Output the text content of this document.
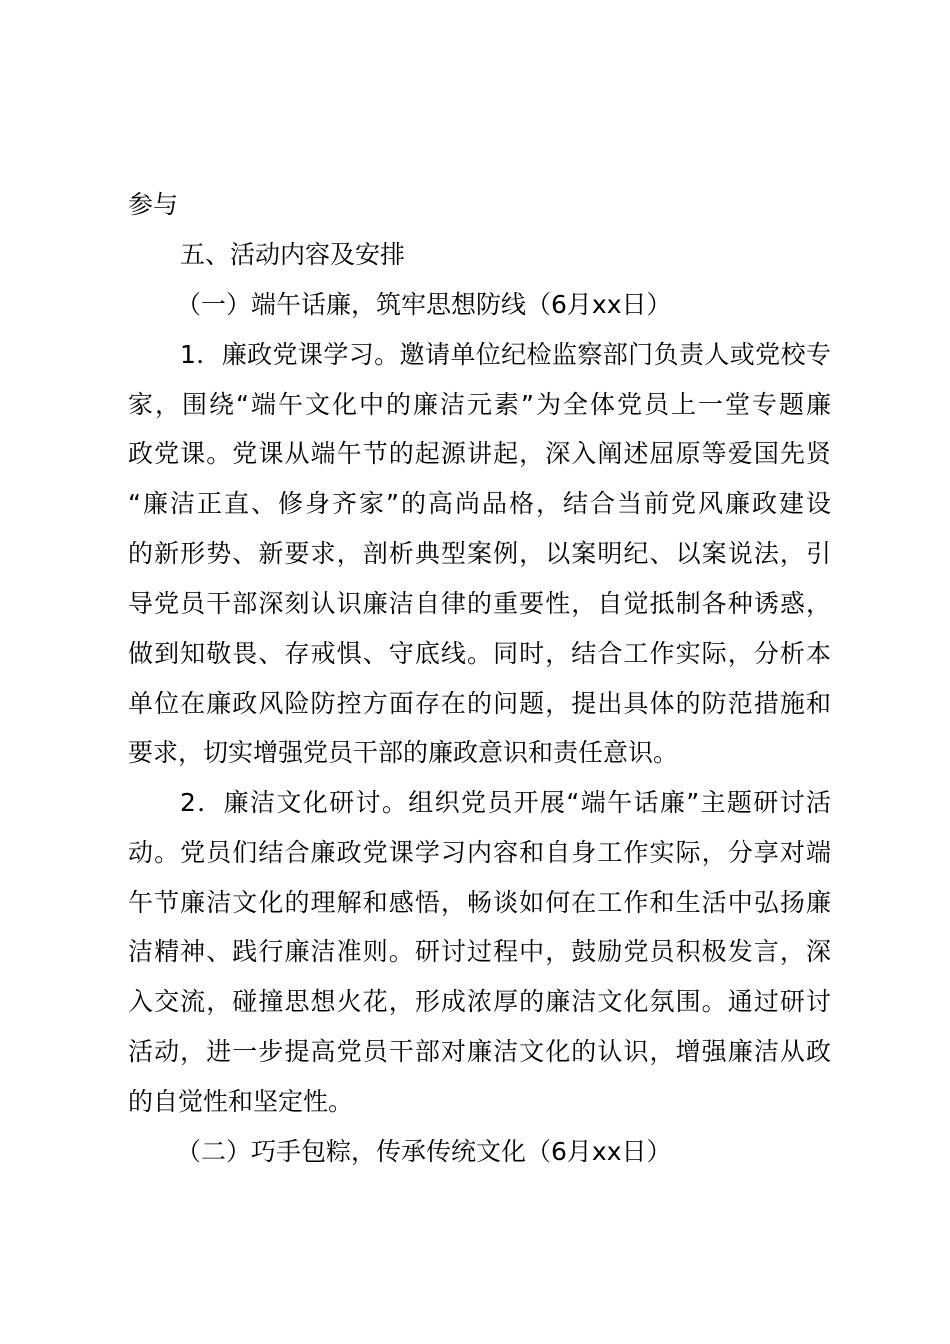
参与
五、活动内容及安排
（一）端午话廉，筑牢思想防线（6月xx日）
1．廉政党课学习。邀请单位纪检监察部门负责人或党校专
家，围绕“端午文化中的廉洁元素”为全体党员上一堂专题廉
政党课。党课从端午节的起源讲起，深入阐述屈原等爱国先贤
“廉洁正直、修身齐家”的高尚品格，结合当前党风廉政建设
的新形势、新要求，剖析典型案例，以案明纪、以案说法，引
导党员干部深刻认识廉洁自律的重要性，自觉抵制各种诱惑，
做到知敬畏、存戒惧、守底线。同时，结合工作实际，分析本
单位在廉政风险防控方面存在的问题，提出具体的防范措施和
要求，切实增强党员干部的廉政意识和责任意识。
2．廉洁文化研讨。组织党员开展“端午话廉”主题研讨活
动。党员们结合廉政党课学习内容和自身工作实际，分享对端
午节廉洁文化的理解和感悟，畅谈如何在工作和生活中弘扬廉
洁精神、践行廉洁准则。研讨过程中，鼓励党员积极发言，深
入交流，碰撞思想火花，形成浓厚的廉洁文化氛围。通过研讨
活动，进一步提高党员干部对廉洁文化的认识，增强廉洁从政
的自觉性和坚定性。
（二）巧手包粽，传承传统文化（6月xx日）
